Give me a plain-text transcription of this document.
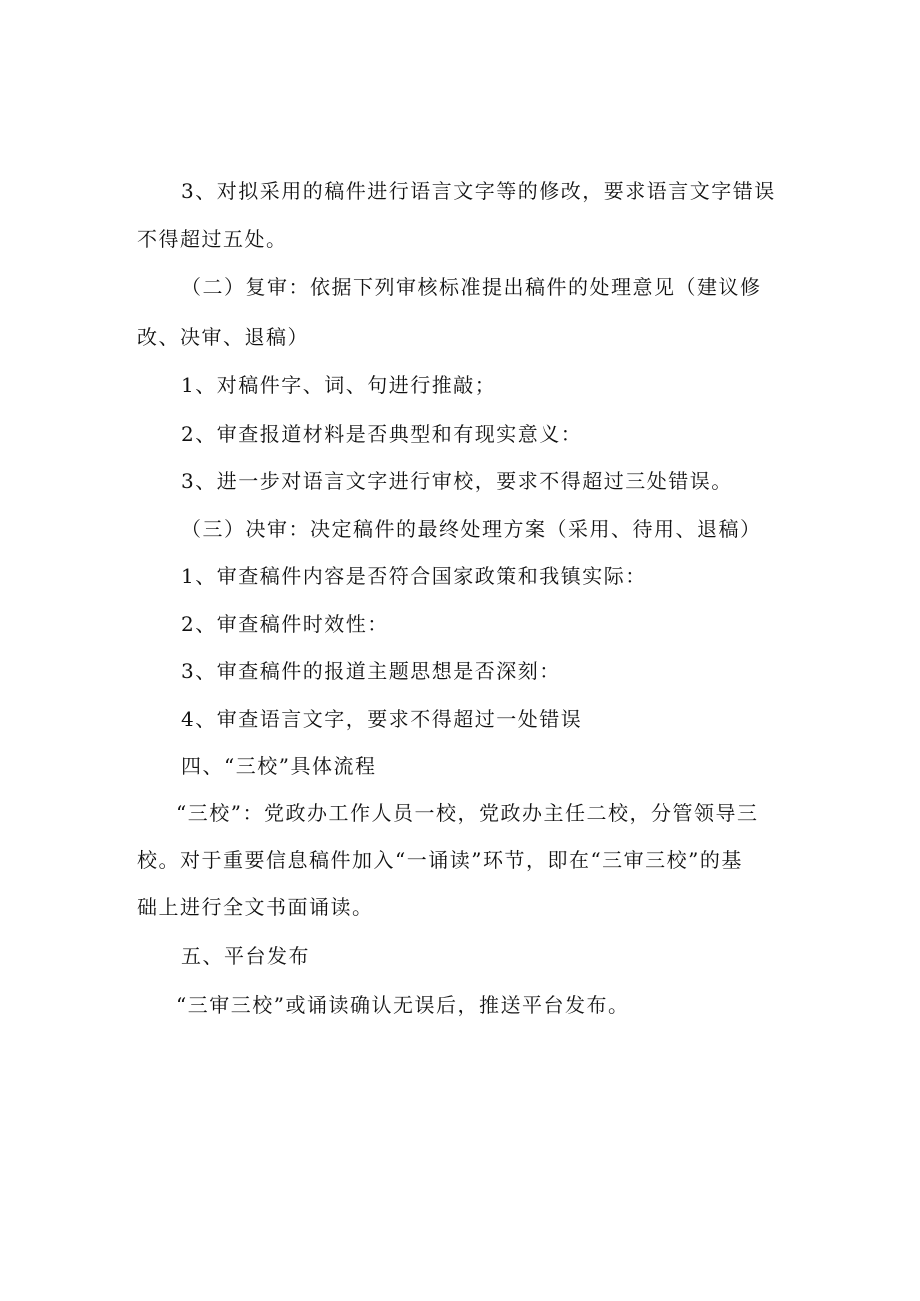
3、对拟采用的稿件进行语言文字等的修改，要求语言文字错误

不得超过五处。

（二）复审：依据下列审核标准提出稿件的处理意见（建议修

改、决审、退稿）

1、对稿件字、词、句进行推敲；

2、审查报道材料是否典型和有现实意义：

3、进一步对语言文字进行审校，要求不得超过三处错误。

（三）决审：决定稿件的最终处理方案（采用、待用、退稿）

1、审查稿件内容是否符合国家政策和我镇实际：

2、审查稿件时效性：

3、审查稿件的报道主题思想是否深刻：

4、审查语言文字，要求不得超过一处错误

四、“三校”具体流程

“三校”：党政办工作人员一校，党政办主任二校，分管领导三

校。对于重要信息稿件加入“一诵读”环节，即在“三审三校”的基

础上进行全文书面诵读。

五、平台发布

“三审三校”或诵读确认无误后，推送平台发布。
